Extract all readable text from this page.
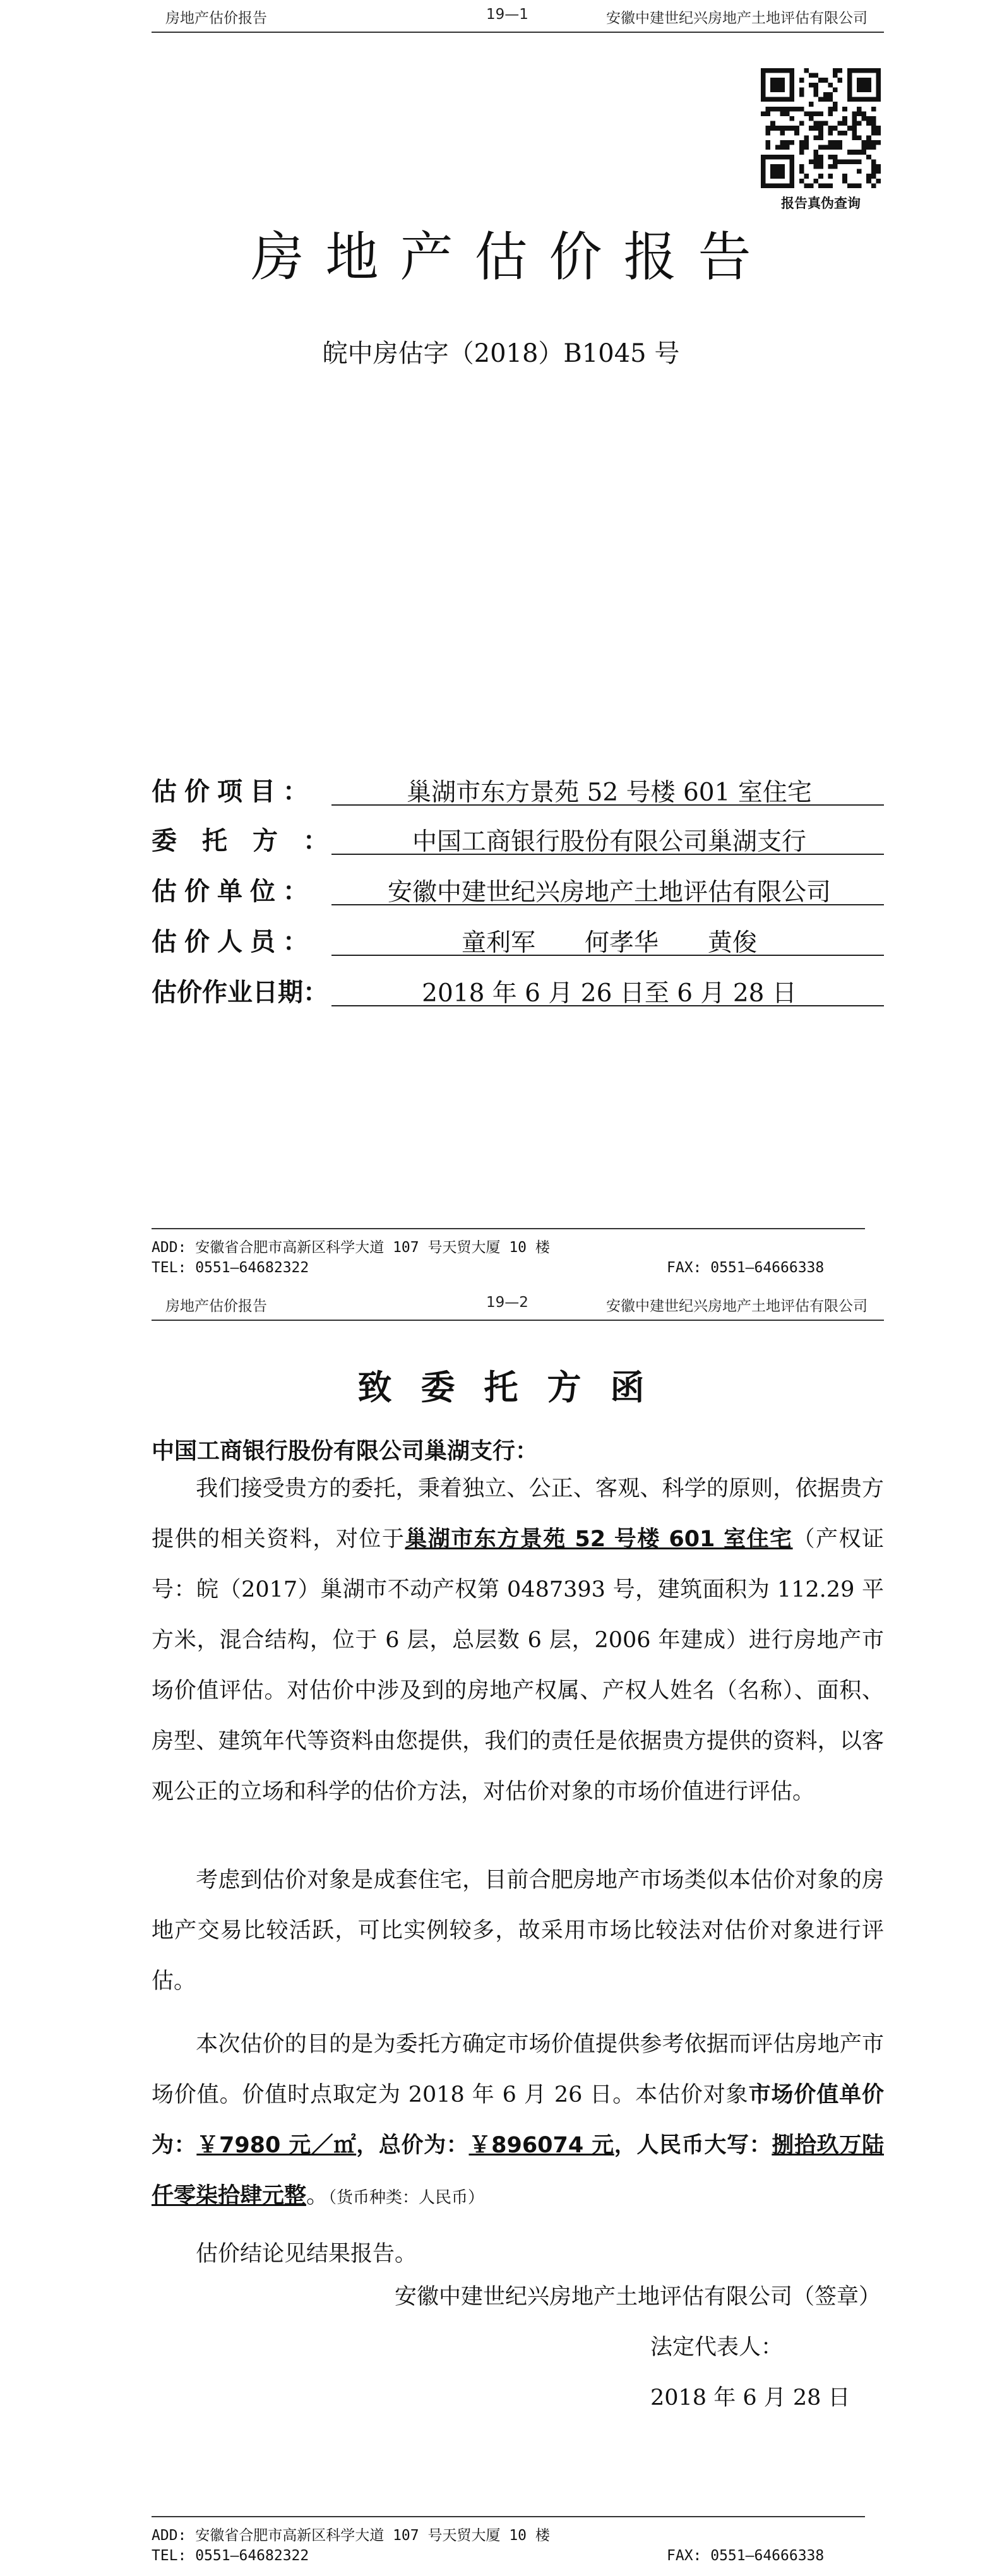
房地产估价报告	19—1	安徽中建世纪兴房地产土地评估有限公司
报告真伪查询
房地产估价报告
皖中房估字（2018）B1045 号
估价项目：	巢湖市东方景苑 52 号楼 601 室住宅
委托方：	中国工商银行股份有限公司巢湖支行
估价单位：	安徽中建世纪兴房地产土地评估有限公司
估价人员：	童利军　　何孝华　　黄俊
估价作业日期：	2018 年 6 月 26 日至 6 月 28 日
ADD: 安徽省合肥市高新区科学大道 107 号天贸大厦 10 楼
TEL: 0551—64682322	FAX: 0551—64666338
房地产估价报告	19—2	安徽中建世纪兴房地产土地评估有限公司
致委托方函
中国工商银行股份有限公司巢湖支行：

我们接受贵方的委托，秉着独立、公正、客观、科学的原则，依据贵方提供的相关资料，对位于巢湖市东方景苑 52 号楼 601 室住宅（产权证号：皖（2017）巢湖市不动产权第 0487393 号，建筑面积为 112.29 平方米，混合结构，位于 6 层，总层数 6 层，2006 年建成）进行房地产市场价值评估。对估价中涉及到的房地产权属、产权人姓名（名称）、面积、房型、建筑年代等资料由您提供，我们的责任是依据贵方提供的资料，以客观公正的立场和科学的估价方法，对估价对象的市场价值进行评估。

考虑到估价对象是成套住宅，目前合肥房地产市场类似本估价对象的房地产交易比较活跃，可比实例较多，故采用市场比较法对估价对象进行评估。

本次估价的目的是为委托方确定市场价值提供参考依据而评估房地产市场价值。价值时点取定为 2018 年 6 月 26 日。本估价对象市场价值单价为：￥7980 元／㎡，总价为：￥896074 元，人民币大写：捌拾玖万陆仟零柒拾肆元整。（货币种类：人民币）

估价结论见结果报告。

安徽中建世纪兴房地产土地评估有限公司（签章）
法定代表人：
2018 年 6 月 28 日
ADD: 安徽省合肥市高新区科学大道 107 号天贸大厦 10 楼
TEL: 0551—64682322	FAX: 0551—64666338
